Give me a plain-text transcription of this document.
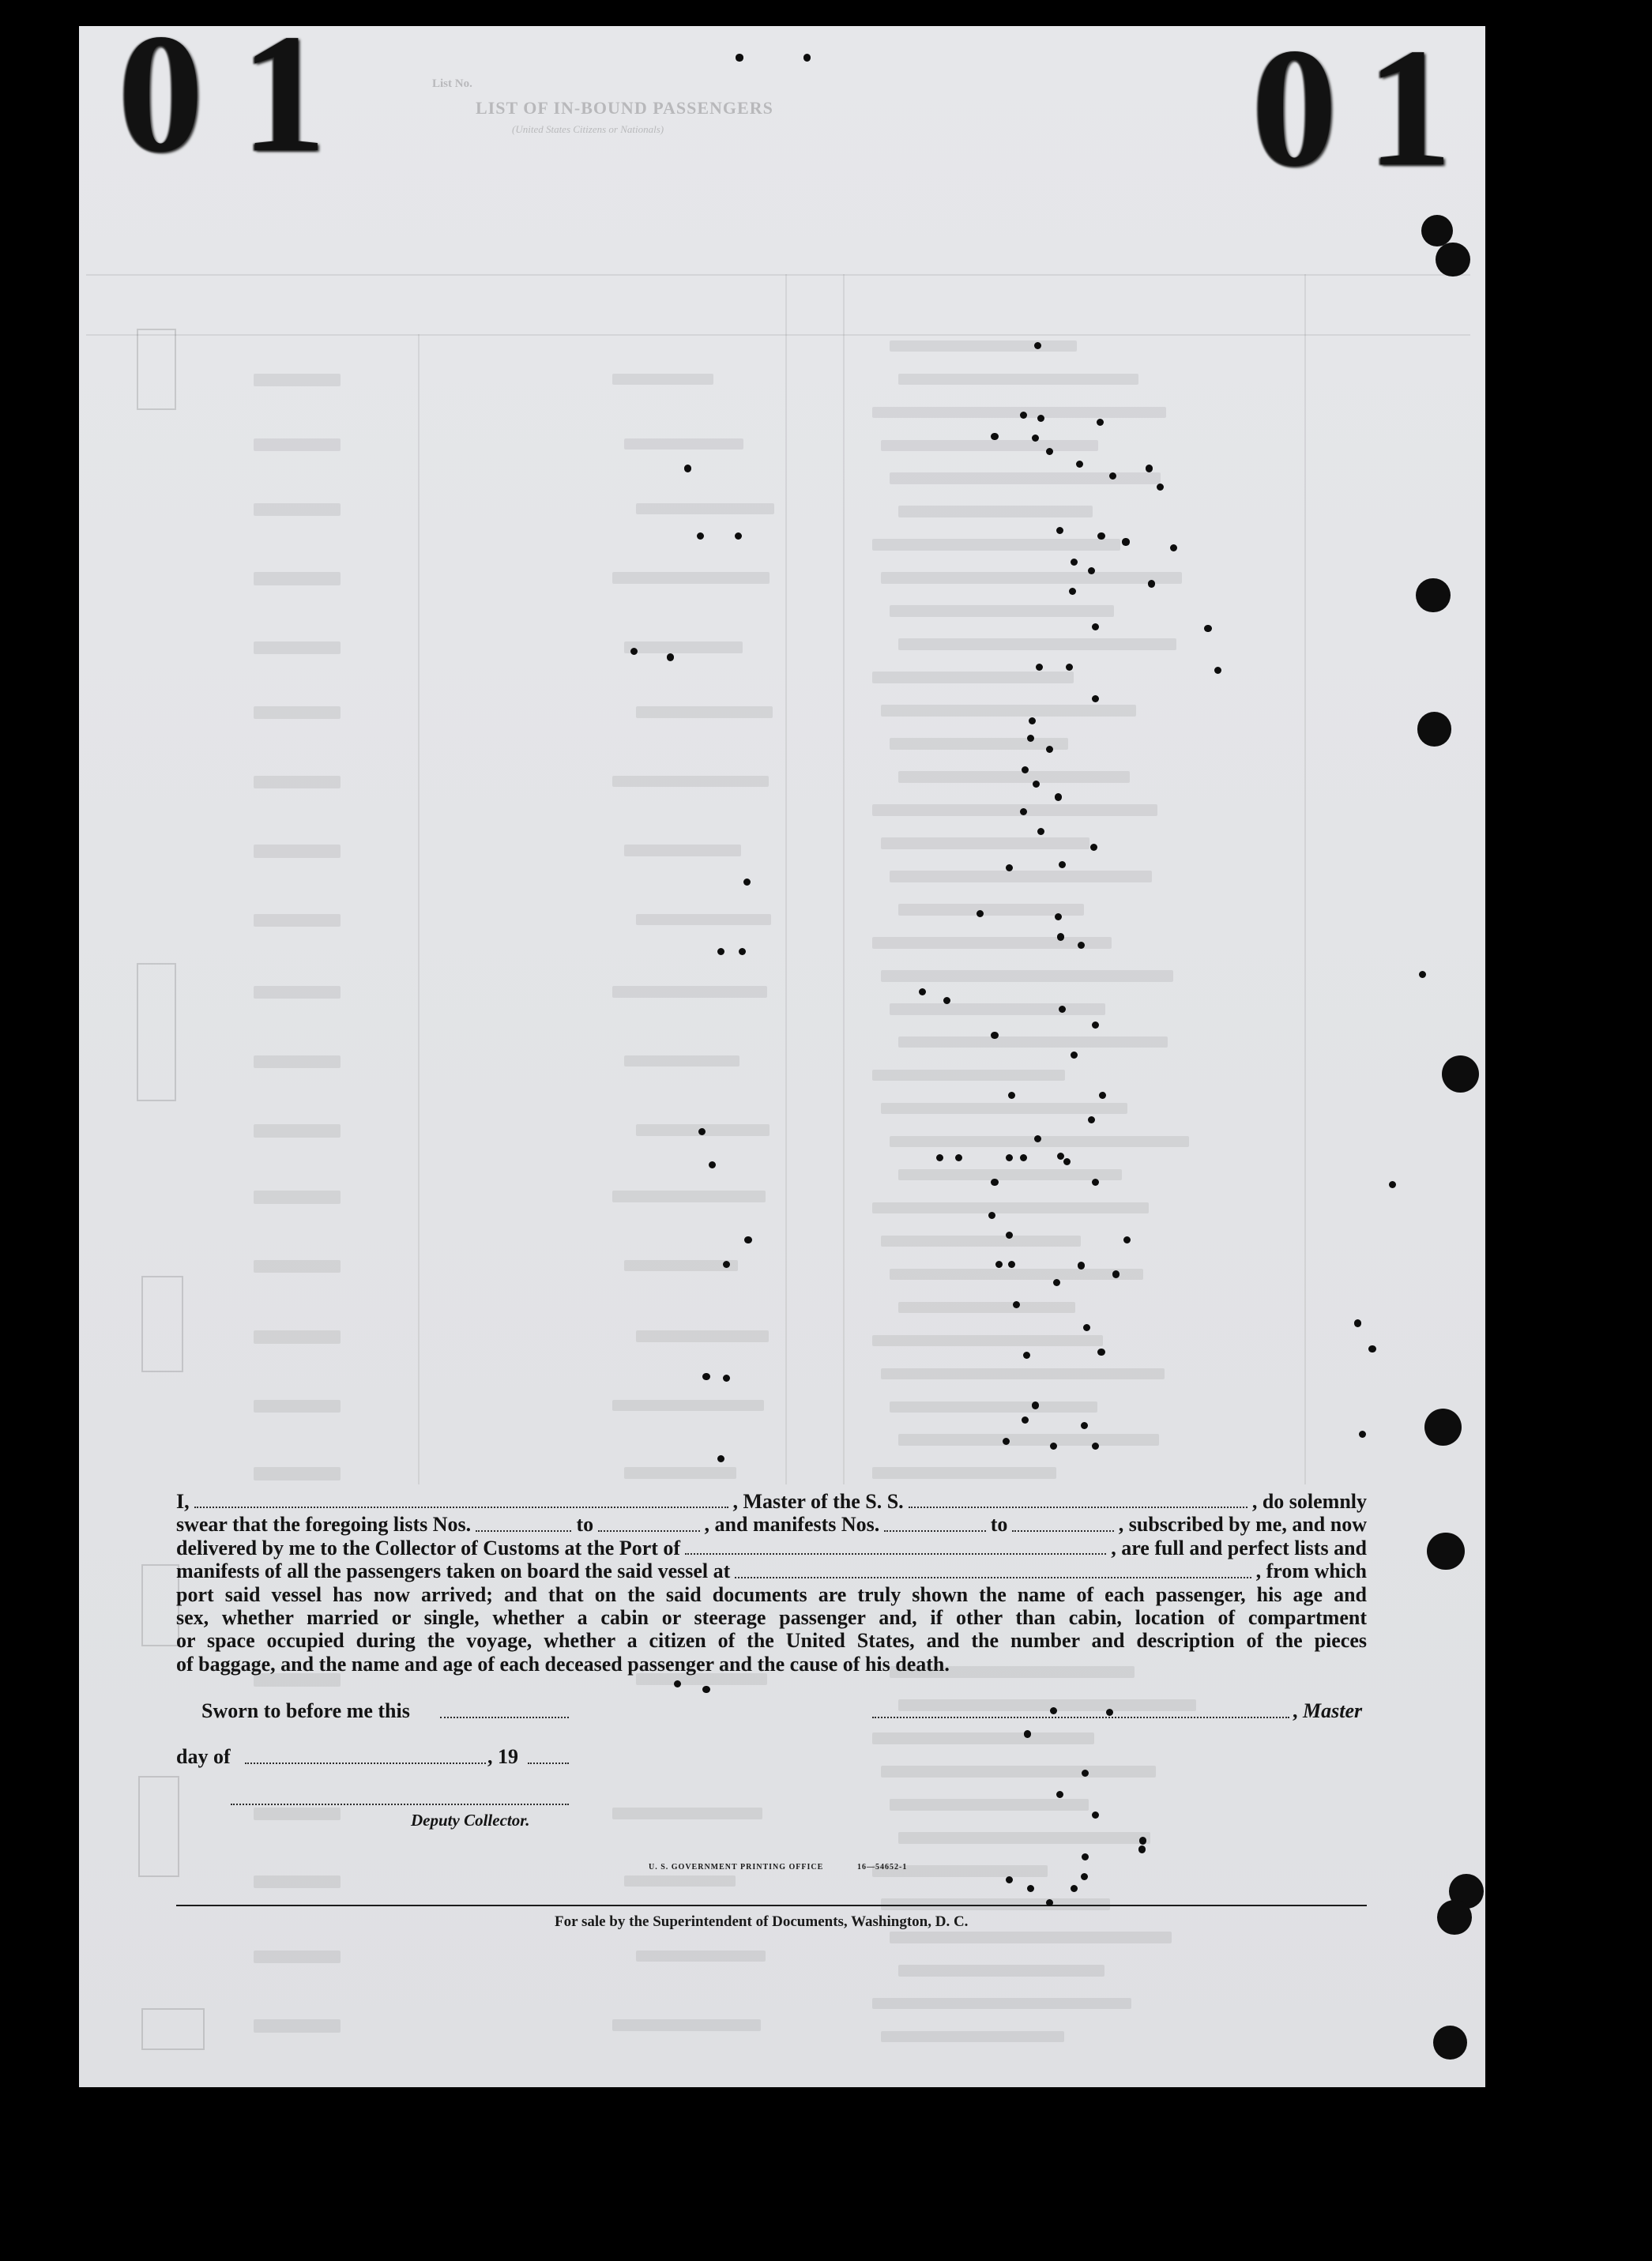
List No.
LIST OF IN-BOUND PASSENGERS
(United States Citizens or Nationals)
01	01
I,	, Master of the S. S.	, do solemnly
swear that the foregoing lists Nos.	to	, and manifests Nos.	to	, subscribed by me, and now
delivered by me to the Collector of Customs at the Port of	, are full and perfect lists and
manifests of all the passengers taken on board the said vessel at	, from which
port said vessel has now arrived; and that on the said documents are truly shown the name of each passenger, his age and
sex, whether married or single, whether a cabin or steerage passenger and, if other than cabin, location of compartment
or space occupied during the voyage, whether a citizen of the United States, and the number and description of the pieces
of baggage, and the name and age of each deceased passenger and the cause of his death.
Sworn to before me this	, Master
day of	, 19
Deputy Collector.
U. S. GOVERNMENT PRINTING OFFICE	16—54652-1
For sale by the Superintendent of Documents, Washington, D. C.
